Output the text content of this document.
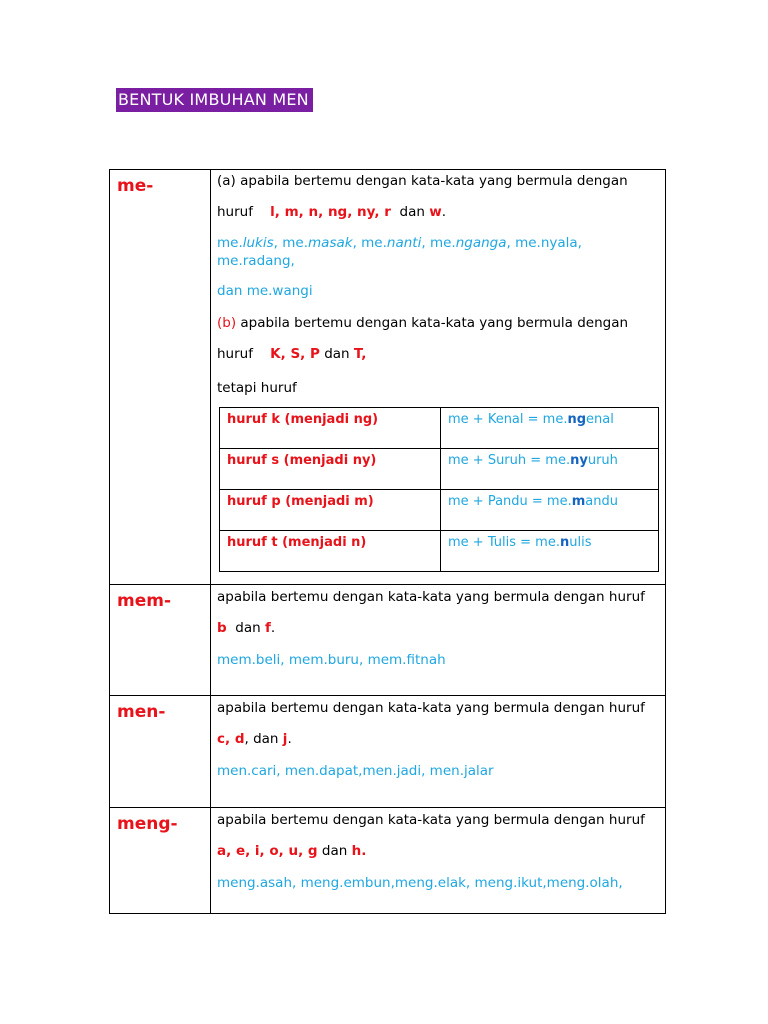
BENTUK IMBUHAN MEN
me-	(a) apabila bertemu dengan kata-kata yang bermula dengan

huruf l, m, n, ng, ny, r dan w.

me.lukis, me.masak, me.nanti, me.nganga, me.nyala, me.radang,

dan me.wangi

(b) apabila bertemu dengan kata-kata yang bermula dengan

huruf K, S, P dan T,

tetapi huruf

huruf k (menjadi ng)	me + Kenal = me.ngenal

huruf s (menjadi ny)	me + Suruh = me.nyuruh

huruf p (menjadi m)	me + Pandu = me.mandu

huruf t (menjadi n)	me + Tulis = me.nulis

mem-	apabila bertemu dengan kata-kata yang bermula dengan huruf

b dan f.

mem.beli, mem.buru, mem.fitnah

men-	apabila bertemu dengan kata-kata yang bermula dengan huruf

c, d, dan j.

men.cari, men.dapat,men.jadi, men.jalar

meng-	apabila bertemu dengan kata-kata yang bermula dengan huruf

a, e, i, o, u, g dan h.

meng.asah, meng.embun,meng.elak, meng.ikut,meng.olah,
